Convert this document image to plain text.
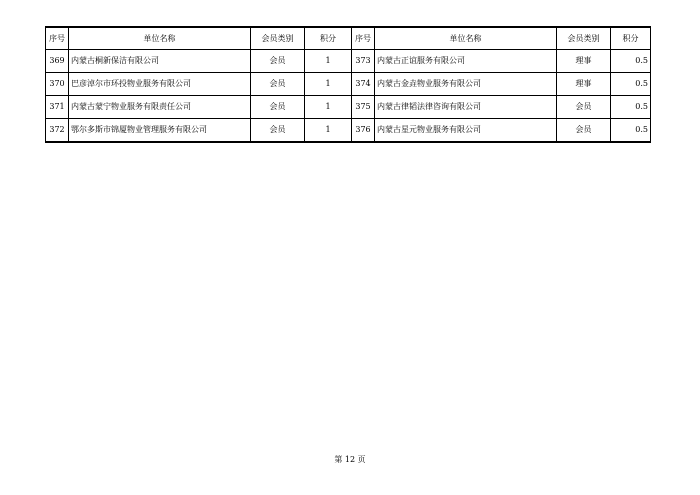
序号	单位名称	会员类别	积分	序号	单位名称	会员类别	积分
369	内蒙古桐新保洁有限公司	会员	1	373	内蒙古正谊服务有限公司	理事	0.5
370	巴彦淖尔市环投物业服务有限公司	会员	1	374	内蒙古金垚物业服务有限公司	理事	0.5
371	内蒙古蒙宁物业服务有限责任公司	会员	1	375	内蒙古律韬法律咨询有限公司	会员	0.5
372	鄂尔多斯市锦厦物业管理服务有限公司	会员	1	376	内蒙古星元物业服务有限公司	会员	0.5
第 12 页
